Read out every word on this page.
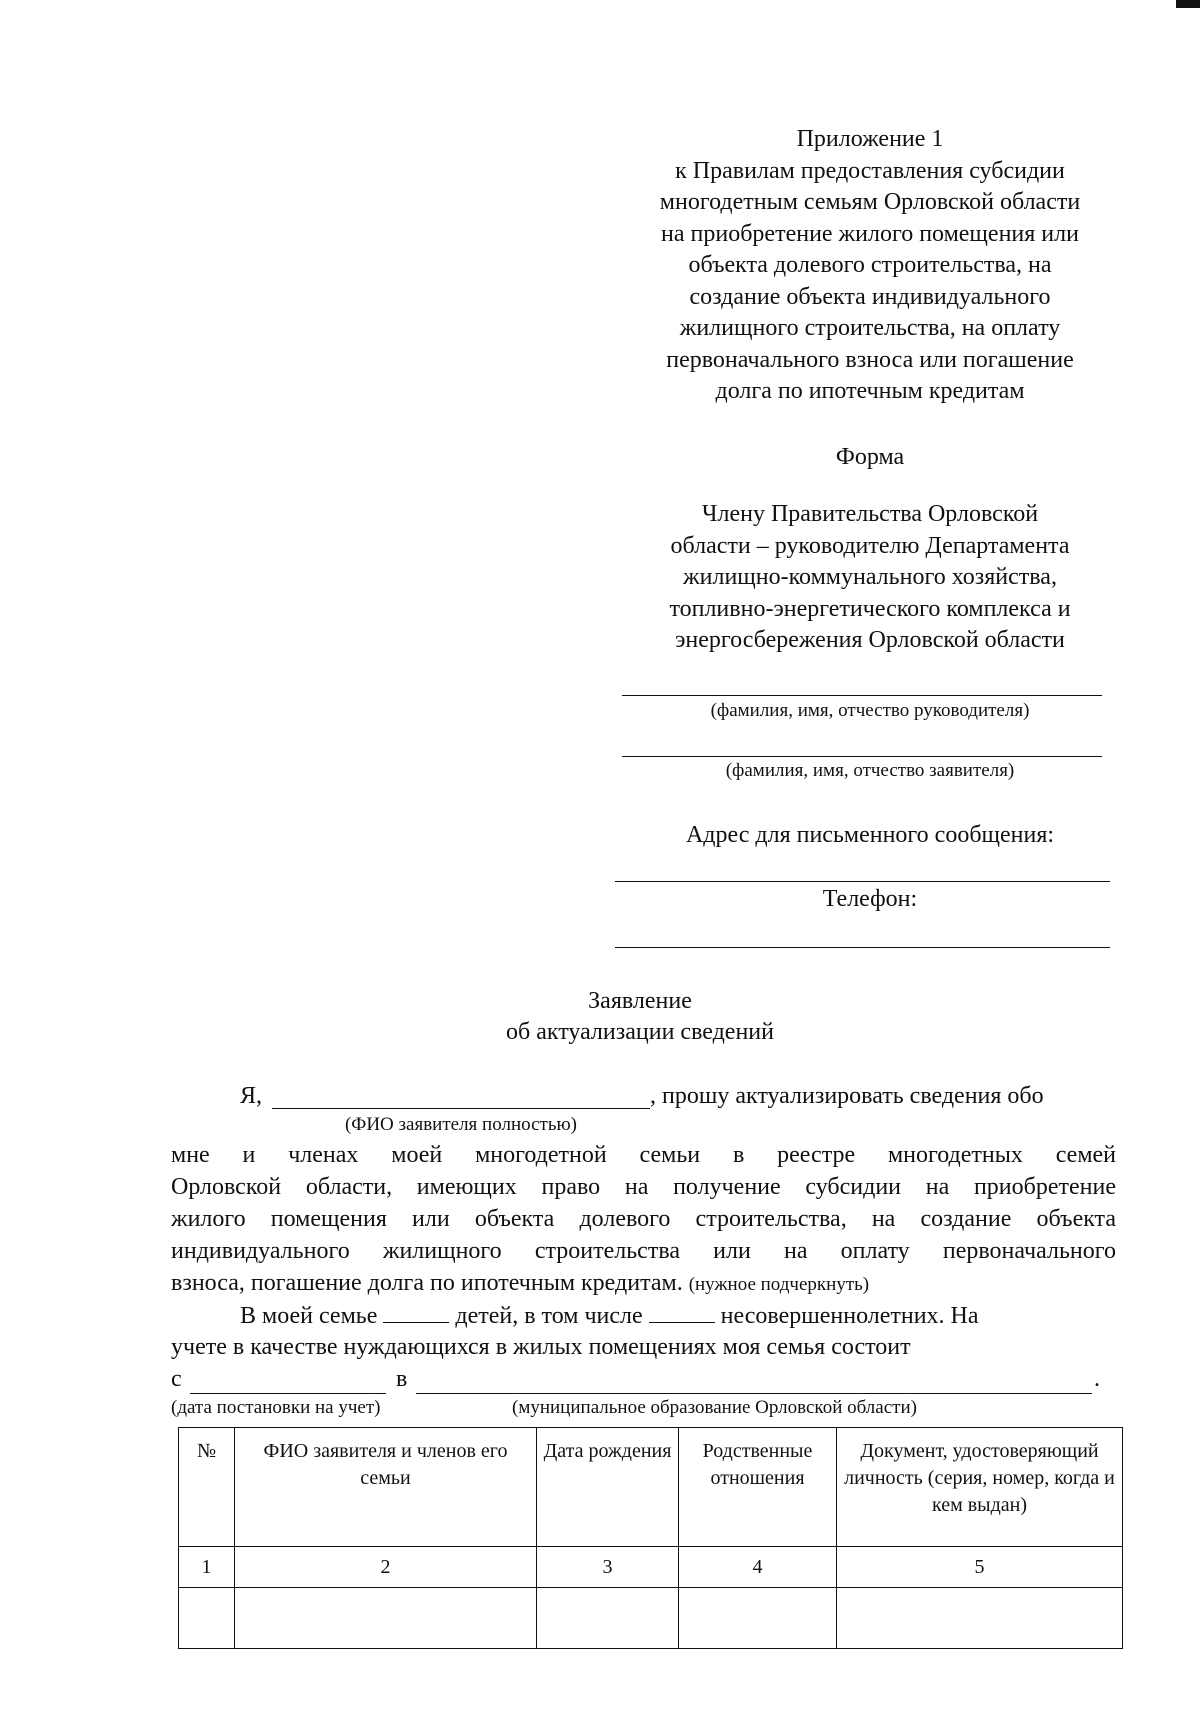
Приложение 1
к Правилам предоставления субсидии
многодетным семьям Орловской области
на приобретение жилого помещения или
объекта долевого строительства, на
создание объекта индивидуального
жилищного строительства, на оплату
первоначального взноса или погашение
долга по ипотечным кредитам
Форма
Члену Правительства Орловской
области – руководителю Департамента
жилищно-коммунального хозяйства,
топливно-энергетического комплекса и
энергосбережения Орловской области
(фамилия, имя, отчество руководителя)
(фамилия, имя, отчество заявителя)
Адрес для письменного сообщения:
Телефон:
Заявление
об актуализации сведений
Я,	, прошу актуализировать сведения обо
(ФИО заявителя полностью)
мне и членах моей многодетной семьи в реестре многодетных семей
Орловской области, имеющих право на получение субсидии на приобретение
жилого помещения или объекта долевого строительства, на создание объекта
индивидуального жилищного строительства или на оплату первоначального
взноса, погашение долга по ипотечным кредитам. (нужное подчеркнуть)
В моей семье	детей, в том числе	несовершеннолетних. На
учете в качестве нуждающихся в жилых помещениях моя семья состоит
с	в	.
(дата постановки на учет)	(муниципальное образование Орловской области)
№	ФИО заявителя и членов его семьи	Дата рождения	Родственные отношения	Документ, удостоверяющий личность (серия, номер, когда и кем выдан)
1	2	3	4	5
